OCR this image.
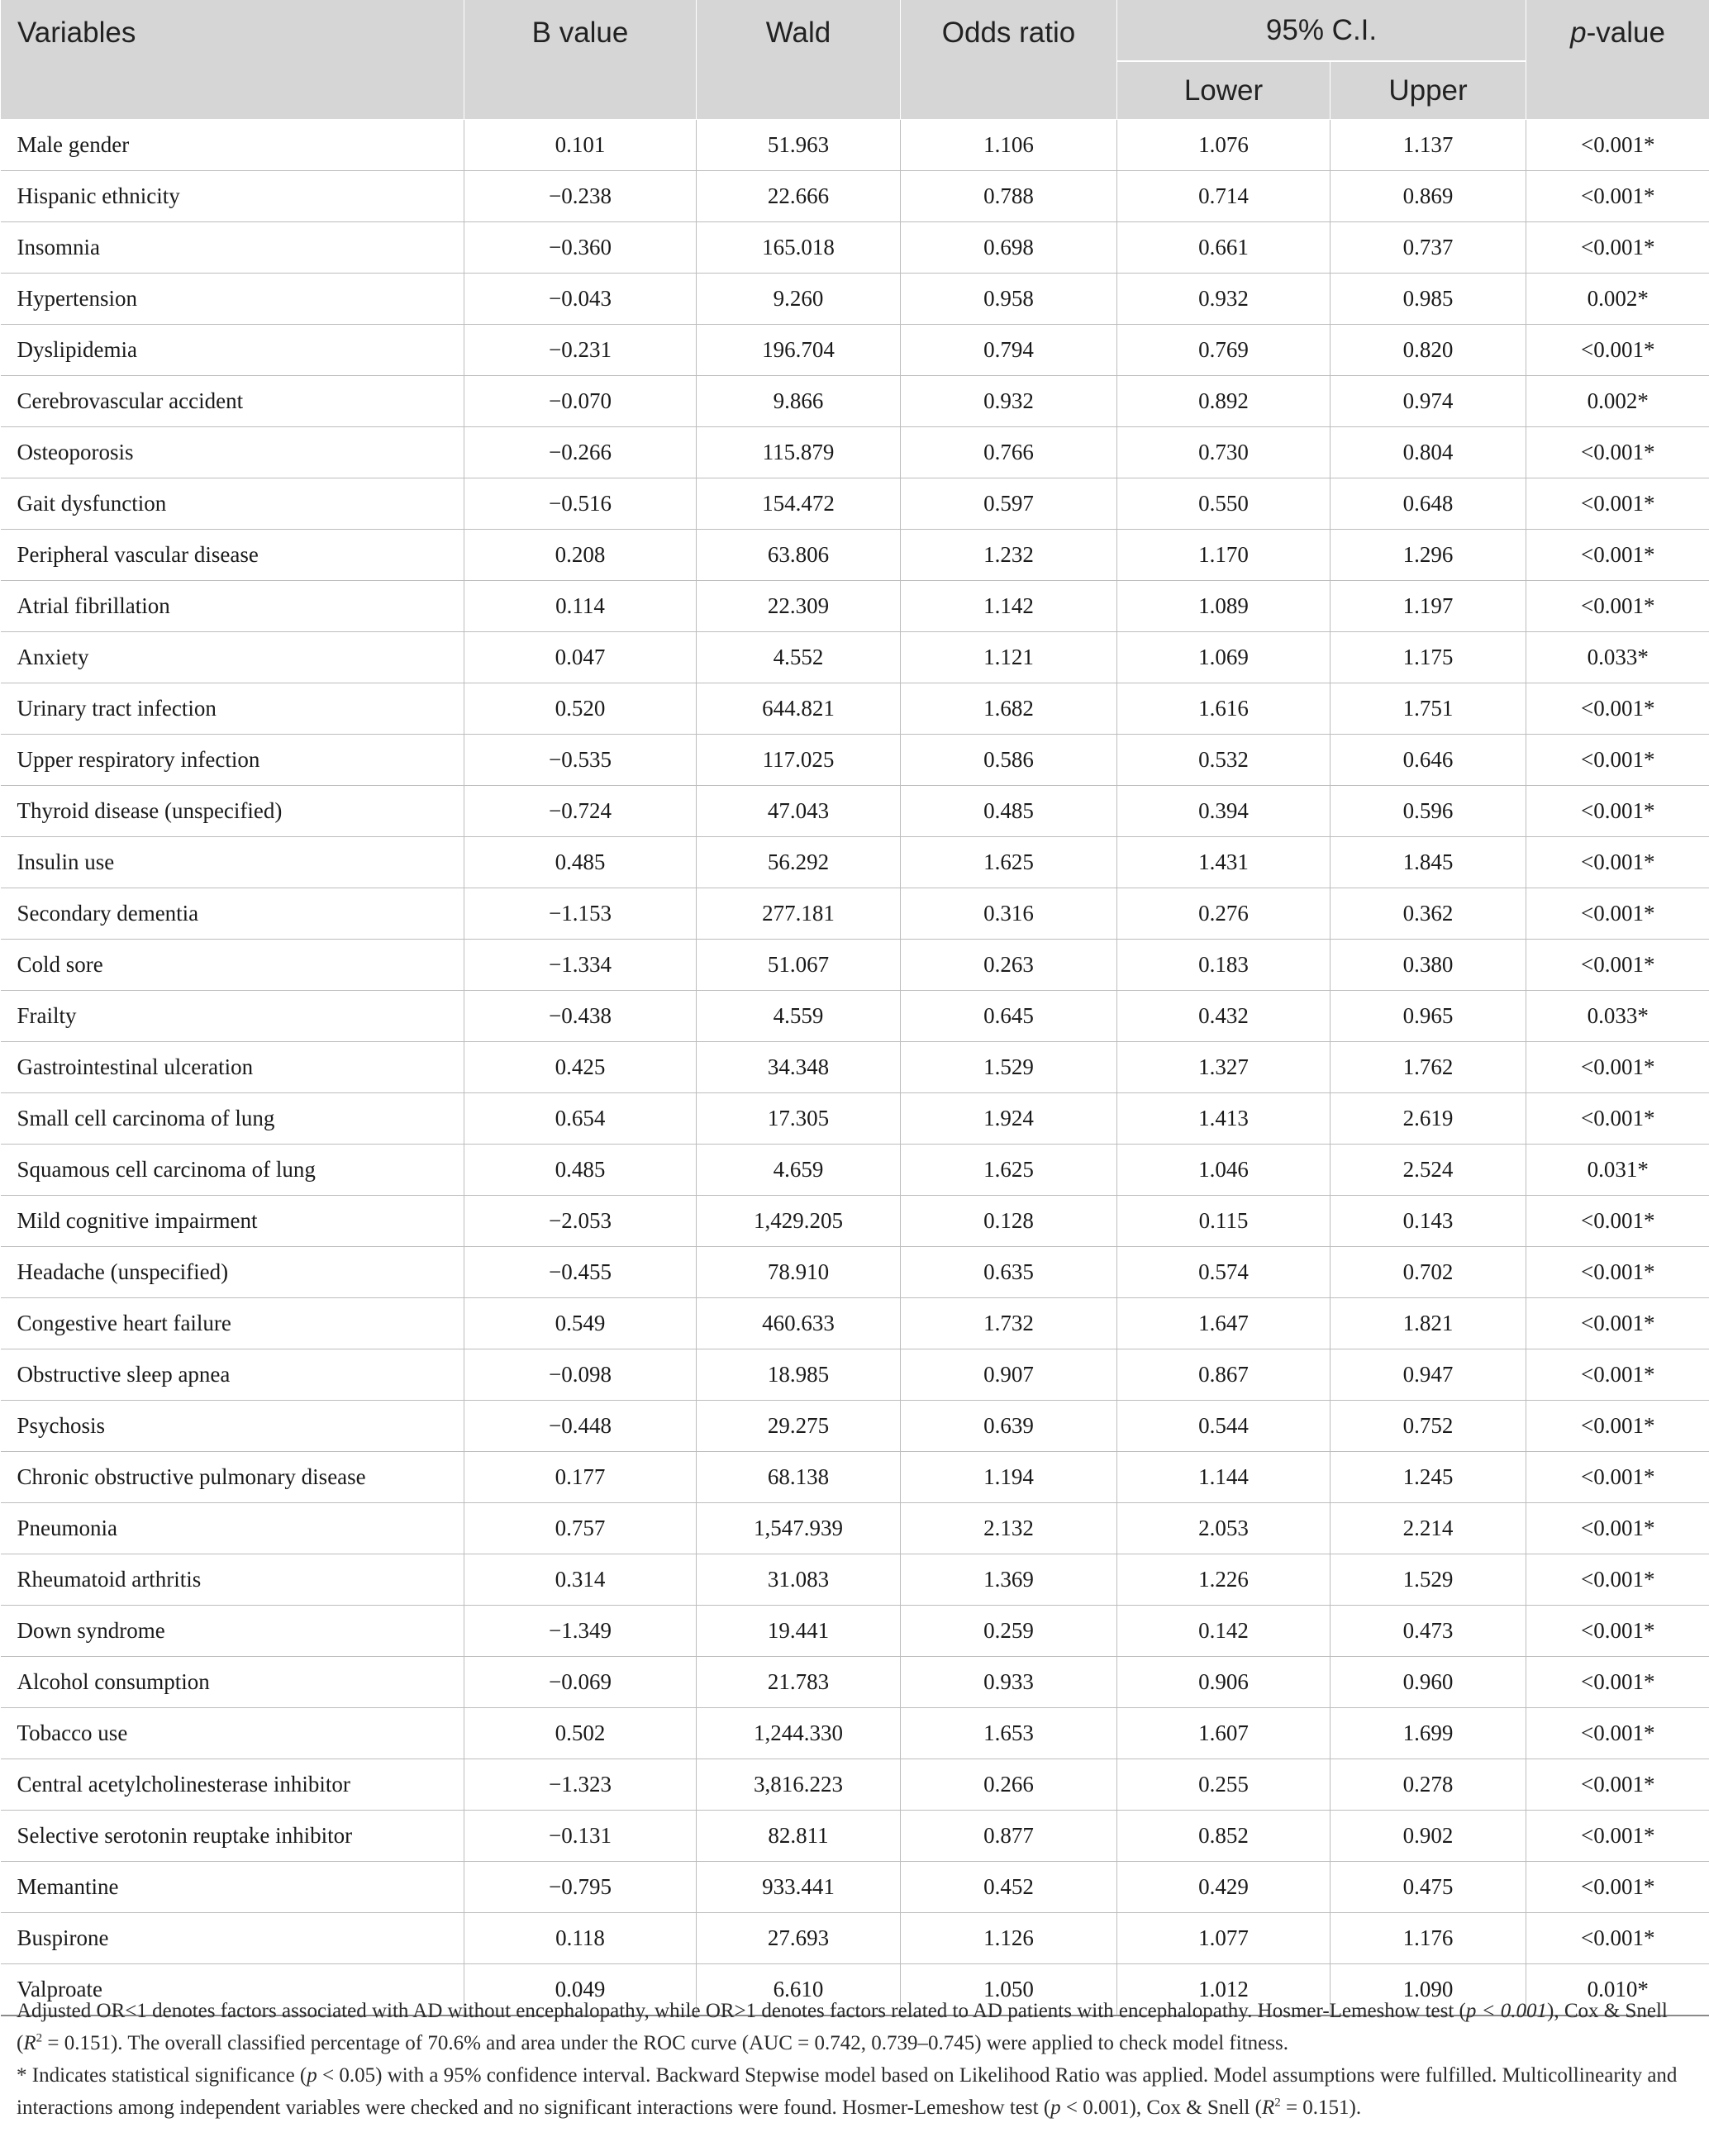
Variables	B value	Wald	Odds ratio	95% C.I.		p-value
				Lower	Upper	
Male gender	0.101	51.963	1.106	1.076	1.137	<0.001*
Hispanic ethnicity	−0.238	22.666	0.788	0.714	0.869	<0.001*
Insomnia	−0.360	165.018	0.698	0.661	0.737	<0.001*
Hypertension	−0.043	9.260	0.958	0.932	0.985	0.002*
Dyslipidemia	−0.231	196.704	0.794	0.769	0.820	<0.001*
Cerebrovascular accident	−0.070	9.866	0.932	0.892	0.974	0.002*
Osteoporosis	−0.266	115.879	0.766	0.730	0.804	<0.001*
Gait dysfunction	−0.516	154.472	0.597	0.550	0.648	<0.001*
Peripheral vascular disease	0.208	63.806	1.232	1.170	1.296	<0.001*
Atrial fibrillation	0.114	22.309	1.142	1.089	1.197	<0.001*
Anxiety	0.047	4.552	1.121	1.069	1.175	0.033*
Urinary tract infection	0.520	644.821	1.682	1.616	1.751	<0.001*
Upper respiratory infection	−0.535	117.025	0.586	0.532	0.646	<0.001*
Thyroid disease (unspecified)	−0.724	47.043	0.485	0.394	0.596	<0.001*
Insulin use	0.485	56.292	1.625	1.431	1.845	<0.001*
Secondary dementia	−1.153	277.181	0.316	0.276	0.362	<0.001*
Cold sore	−1.334	51.067	0.263	0.183	0.380	<0.001*
Frailty	−0.438	4.559	0.645	0.432	0.965	0.033*
Gastrointestinal ulceration	0.425	34.348	1.529	1.327	1.762	<0.001*
Small cell carcinoma of lung	0.654	17.305	1.924	1.413	2.619	<0.001*
Squamous cell carcinoma of lung	0.485	4.659	1.625	1.046	2.524	0.031*
Mild cognitive impairment	−2.053	1,429.205	0.128	0.115	0.143	<0.001*
Headache (unspecified)	−0.455	78.910	0.635	0.574	0.702	<0.001*
Congestive heart failure	0.549	460.633	1.732	1.647	1.821	<0.001*
Obstructive sleep apnea	−0.098	18.985	0.907	0.867	0.947	<0.001*
Psychosis	−0.448	29.275	0.639	0.544	0.752	<0.001*
Chronic obstructive pulmonary disease	0.177	68.138	1.194	1.144	1.245	<0.001*
Pneumonia	0.757	1,547.939	2.132	2.053	2.214	<0.001*
Rheumatoid arthritis	0.314	31.083	1.369	1.226	1.529	<0.001*
Down syndrome	−1.349	19.441	0.259	0.142	0.473	<0.001*
Alcohol consumption	−0.069	21.783	0.933	0.906	0.960	<0.001*
Tobacco use	0.502	1,244.330	1.653	1.607	1.699	<0.001*
Central acetylcholinesterase inhibitor	−1.323	3,816.223	0.266	0.255	0.278	<0.001*
Selective serotonin reuptake inhibitor	−0.131	82.811	0.877	0.852	0.902	<0.001*
Memantine	−0.795	933.441	0.452	0.429	0.475	<0.001*
Buspirone	0.118	27.693	1.126	1.077	1.176	<0.001*
Valproate	0.049	6.610	1.050	1.012	1.090	0.010*

Adjusted OR<1 denotes factors associated with AD without encephalopathy, while OR>1 denotes factors related to AD patients with encephalopathy. Hosmer-Lemeshow test (p < 0.001), Cox & Snell $(R^2 = 0.151)$. The overall classified percentage of 70.6% and area under the ROC curve (AUC = 0.742, 0.739–0.745) were applied to check model fitness.

* Indicates statistical significance (p < 0.05) with a 95% confidence interval. Backward Stepwise model based on Likelihood Ratio was applied. Model assumptions were fulfilled. Multicollinearity and interactions among independent variables were checked and no significant interactions were found. Hosmer-Lemeshow test (p < 0.001), Cox & Snell $(R^2 = 0.151)$.
